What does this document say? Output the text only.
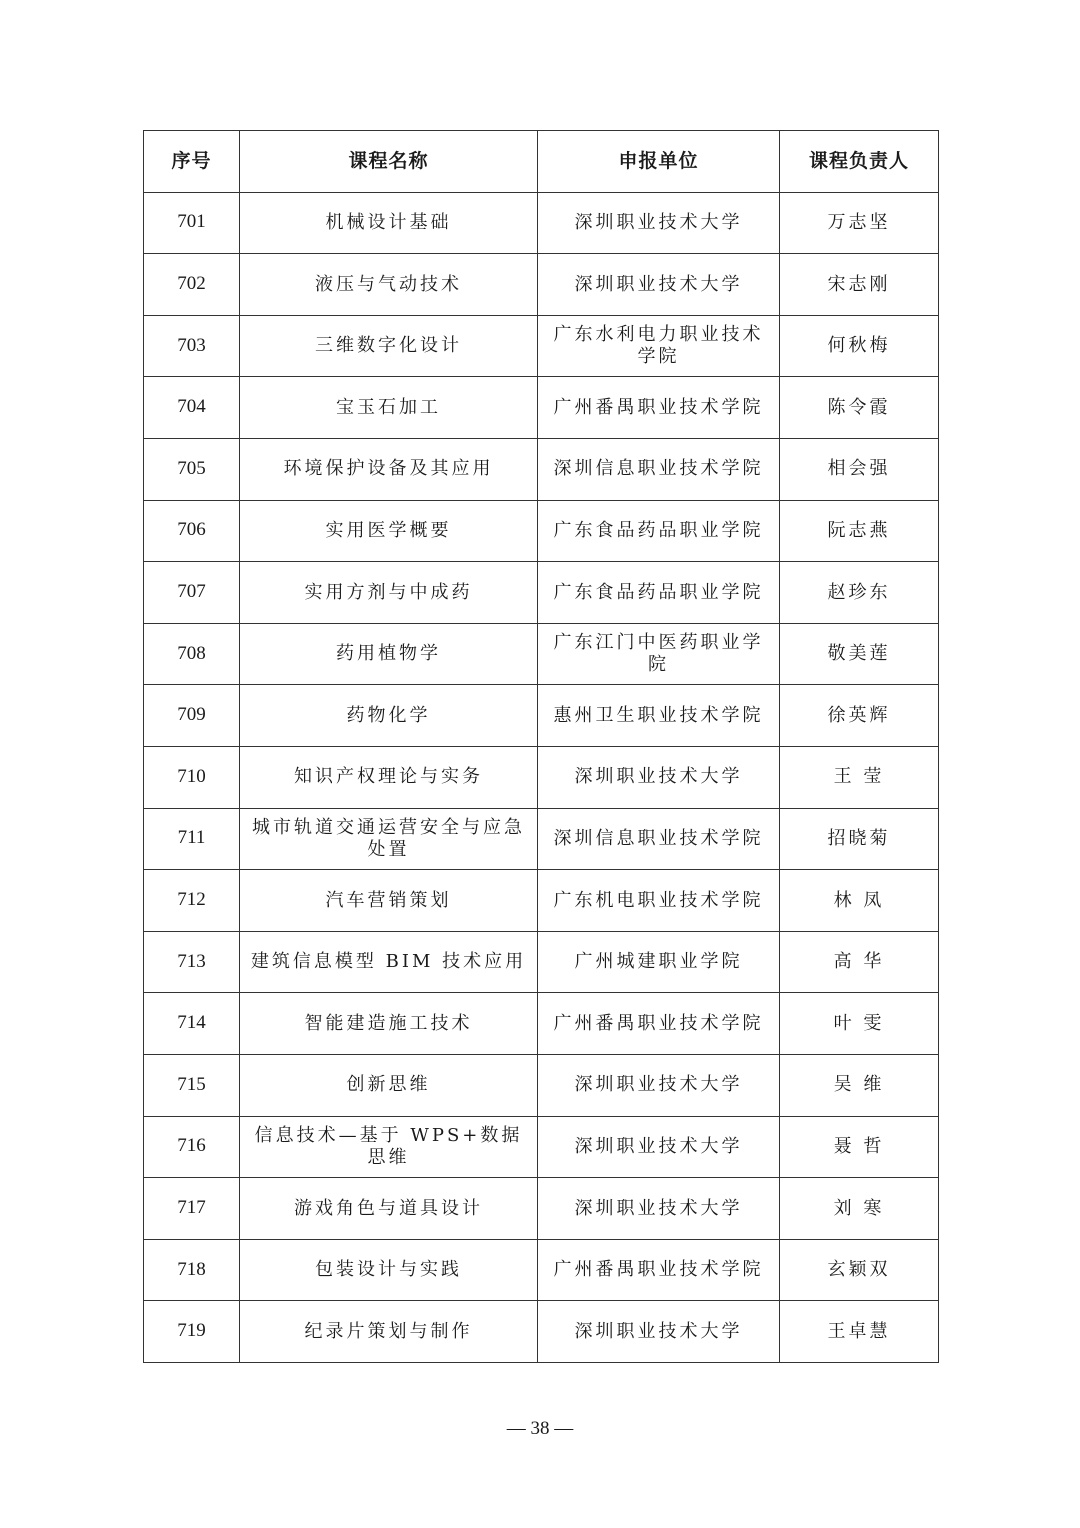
序号	课程名称	申报单位	课程负责人
701	机械设计基础	深圳职业技术大学	万志坚
702	液压与气动技术	深圳职业技术大学	宋志刚
703	三维数字化设计	广东水利电力职业技术学院	何秋梅
704	宝玉石加工	广州番禺职业技术学院	陈令霞
705	环境保护设备及其应用	深圳信息职业技术学院	相会强
706	实用医学概要	广东食品药品职业学院	阮志燕
707	实用方剂与中成药	广东食品药品职业学院	赵珍东
708	药用植物学	广东江门中医药职业学院	敬美莲
709	药物化学	惠州卫生职业技术学院	徐英辉
710	知识产权理论与实务	深圳职业技术大学	王 莹
711	城市轨道交通运营安全与应急处置	深圳信息职业技术学院	招晓菊
712	汽车营销策划	广东机电职业技术学院	林 凤
713	建筑信息模型 BIM 技术应用	广州城建职业学院	高 华
714	智能建造施工技术	广州番禺职业技术学院	叶 雯
715	创新思维	深圳职业技术大学	吴 维
716	信息技术—基于 WPS+数据思维	深圳职业技术大学	聂 哲
717	游戏角色与道具设计	深圳职业技术大学	刘 寒
718	包装设计与实践	广州番禺职业技术学院	玄颖双
719	纪录片策划与制作	深圳职业技术大学	王卓慧
— 38 —
